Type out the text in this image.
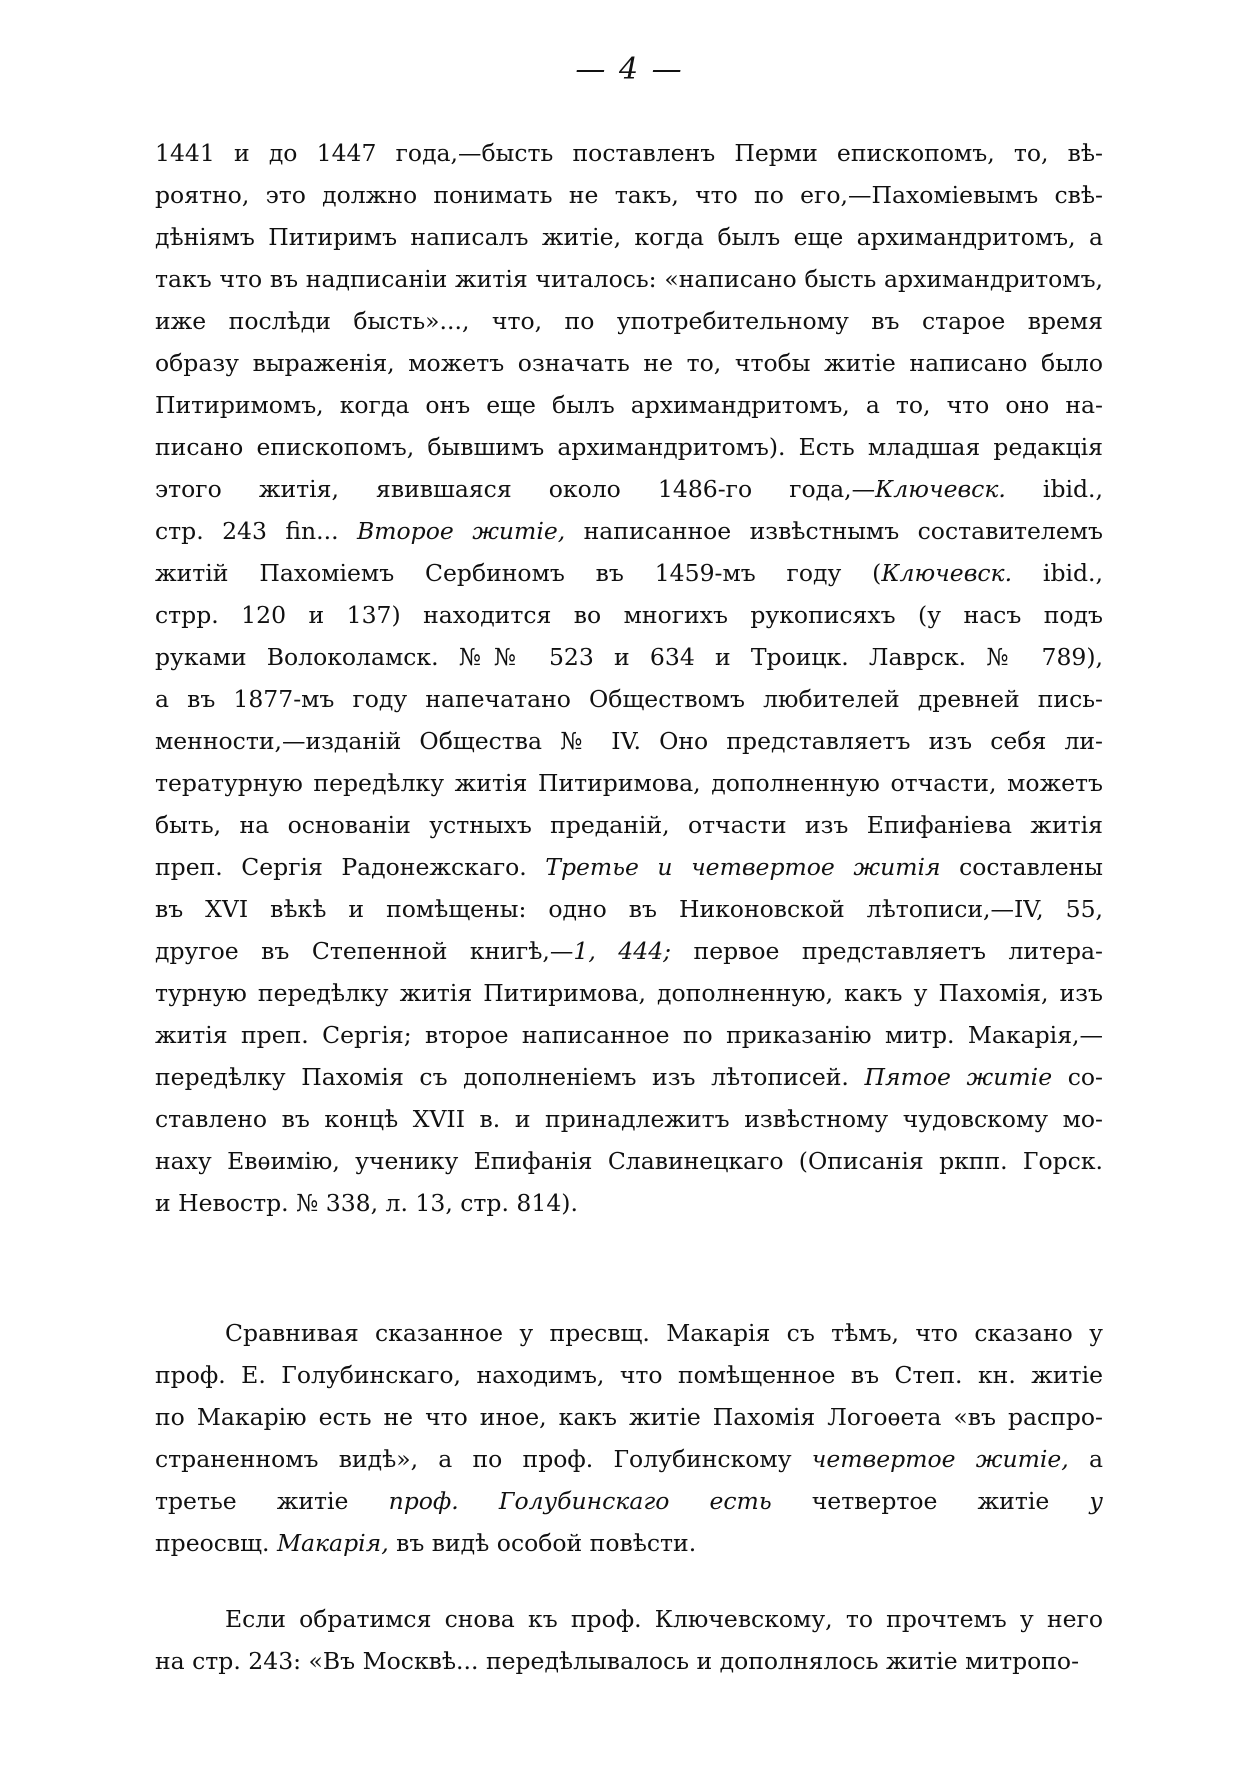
— 4 —
1441 и до 1447 года,—бысть поставленъ Перми епископомъ, то, вѣ-
роятно, это должно понимать не такъ, что по его,—Пахоміевымъ свѣ-
дѣніямъ Питиримъ написалъ житіе, когда былъ еще архимандритомъ, а
такъ что въ надписаніи житія читалось: «написано бысть архимандритомъ,
иже послѣди бысть»..., что, по употребительному въ старое время
образу выраженія, можетъ означать не то, чтобы житіе написано было
Питиримомъ, когда онъ еще былъ архимандритомъ, а то, что оно на-
писано епископомъ, бывшимъ архимандритомъ). Есть младшая редакція
этого житія, явившаяся около 1486-го года,—Ключевск. ibid.,
стр. 243 fin... Второе житіе, написанное извѣстнымъ составителемъ
житій Пахоміемъ Сербиномъ въ 1459-мъ году (Ключевск. ibid.,
стрр. 120 и 137) находится во многихъ рукописяхъ (у насъ подъ
руками Волоколамск. №№ 523 и 634 и Троицк. Лаврск. № 789),
а въ 1877-мъ году напечатано Обществомъ любителей древней пись-
менности,—изданій Общества № IV. Оно представляетъ изъ себя ли-
тературную передѣлку житія Питиримова, дополненную отчасти, можетъ
быть, на основаніи устныхъ преданій, отчасти изъ Епифаніева житія
преп. Сергія Радонежскаго. Третье и четвертое житія составлены
въ XVI вѣкѣ и помѣщены: одно въ Никоновской лѣтописи,—IV, 55,
другое въ Степенной книгѣ,—1, 444; первое представляетъ литера-
турную передѣлку житія Питиримова, дополненную, какъ у Пахомія, изъ
житія преп. Сергія; второе написанное по приказанію митр. Макарія,—
передѣлку Пахомія съ дополненіемъ изъ лѣтописей. Пятое житіе со-
ставлено въ концѣ XVII в. и принадлежитъ извѣстному чудовскому мо-
наху Евѳимію, ученику Епифанія Славинецкаго (Описанія ркпп. Горск.
и Невостр. № 338, л. 13, стр. 814).
Сравнивая сказанное у пресвщ. Макарія съ тѣмъ, что сказано у
проф. Е. Голубинскаго, находимъ, что помѣщенное въ Степ. кн. житіе
по Макарію есть не что иное, какъ житіе Пахомія Логоѳета «въ распро-
страненномъ видѣ», а по проф. Голубинскому четвертое житіе, а
третье житіе проф. Голубинскаго есть четвертое житіе у
преосвщ. Макарія, въ видѣ особой повѣсти.
Если обратимся снова къ проф. Ключевскому, то прочтемъ у него
на стр. 243: «Въ Москвѣ... передѣлывалось и дополнялось житіе митропо-
